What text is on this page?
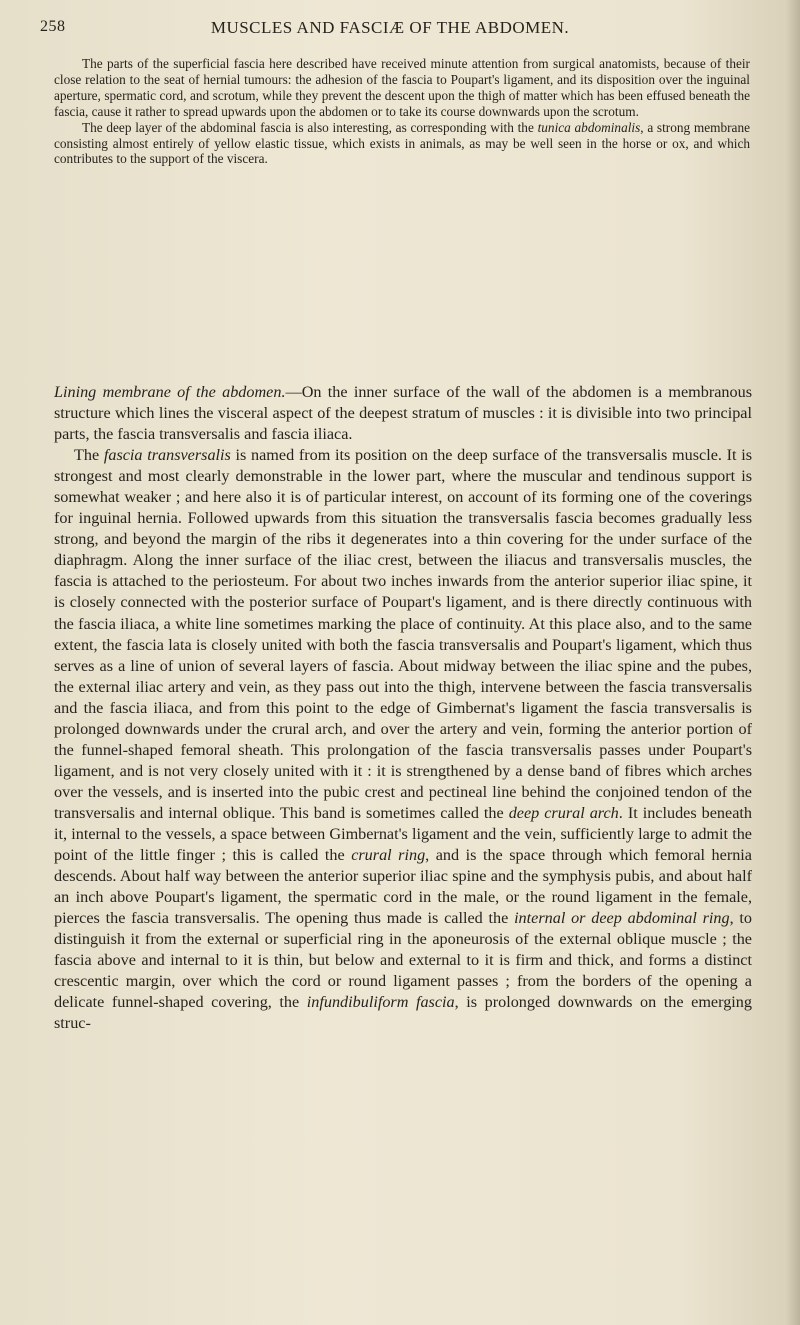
258	MUSCLES AND FASCIÆ OF THE ABDOMEN.

The parts of the superficial fascia here described have received minute attention from surgical anatomists, because of their close relation to the seat of hernial tumours: the adhesion of the fascia to Poupart's ligament, and its disposition over the inguinal aperture, spermatic cord, and scrotum, while they prevent the descent upon the thigh of matter which has been effused beneath the fascia, cause it rather to spread upwards upon the abdomen or to take its course downwards upon the scrotum.

The deep layer of the abdominal fascia is also interesting, as corresponding with the tunica abdominalis, a strong membrane consisting almost entirely of yellow elastic tissue, which exists in animals, as may be well seen in the horse or ox, and which contributes to the support of the viscera.

Lining membrane of the abdomen.—On the inner surface of the wall of the abdomen is a membranous structure which lines the visceral aspect of the deepest stratum of muscles : it is divisible into two principal parts, the fascia transversalis and fascia iliaca.

The fascia transversalis is named from its position on the deep surface of the transversalis muscle. It is strongest and most clearly demonstrable in the lower part, where the muscular and tendinous support is somewhat weaker ; and here also it is of particular interest, on account of its forming one of the coverings for inguinal hernia. Followed upwards from this situation the transversalis fascia becomes gradually less strong, and beyond the margin of the ribs it degenerates into a thin covering for the under surface of the diaphragm. Along the inner surface of the iliac crest, between the iliacus and transversalis muscles, the fascia is attached to the periosteum. For about two inches inwards from the anterior superior iliac spine, it is closely connected with the posterior surface of Poupart's ligament, and is there directly continuous with the fascia iliaca, a white line sometimes marking the place of continuity. At this place also, and to the same extent, the fascia lata is closely united with both the fascia transversalis and Poupart's ligament, which thus serves as a line of union of several layers of fascia. About midway between the iliac spine and the pubes, the external iliac artery and vein, as they pass out into the thigh, intervene between the fascia transversalis and the fascia iliaca, and from this point to the edge of Gimbernat's ligament the fascia transversalis is prolonged downwards under the crural arch, and over the artery and vein, forming the anterior portion of the funnel-shaped femoral sheath. This prolongation of the fascia transversalis passes under Poupart's ligament, and is not very closely united with it : it is strengthened by a dense band of fibres which arches over the vessels, and is inserted into the pubic crest and pectineal line behind the conjoined tendon of the transversalis and internal oblique. This band is sometimes called the deep crural arch. It includes beneath it, internal to the vessels, a space between Gimbernat's ligament and the vein, sufficiently large to admit the point of the little finger ; this is called the crural ring, and is the space through which femoral hernia descends. About half way between the anterior superior iliac spine and the symphysis pubis, and about half an inch above Poupart's ligament, the spermatic cord in the male, or the round ligament in the female, pierces the fascia transversalis. The opening thus made is called the internal or deep abdominal ring, to distinguish it from the external or superficial ring in the aponeurosis of the external oblique muscle ; the fascia above and internal to it is thin, but below and external to it is firm and thick, and forms a distinct crescentic margin, over which the cord or round ligament passes ; from the borders of the opening a delicate funnel-shaped covering, the infundibuliform fascia, is prolonged downwards on the emerging struc-
